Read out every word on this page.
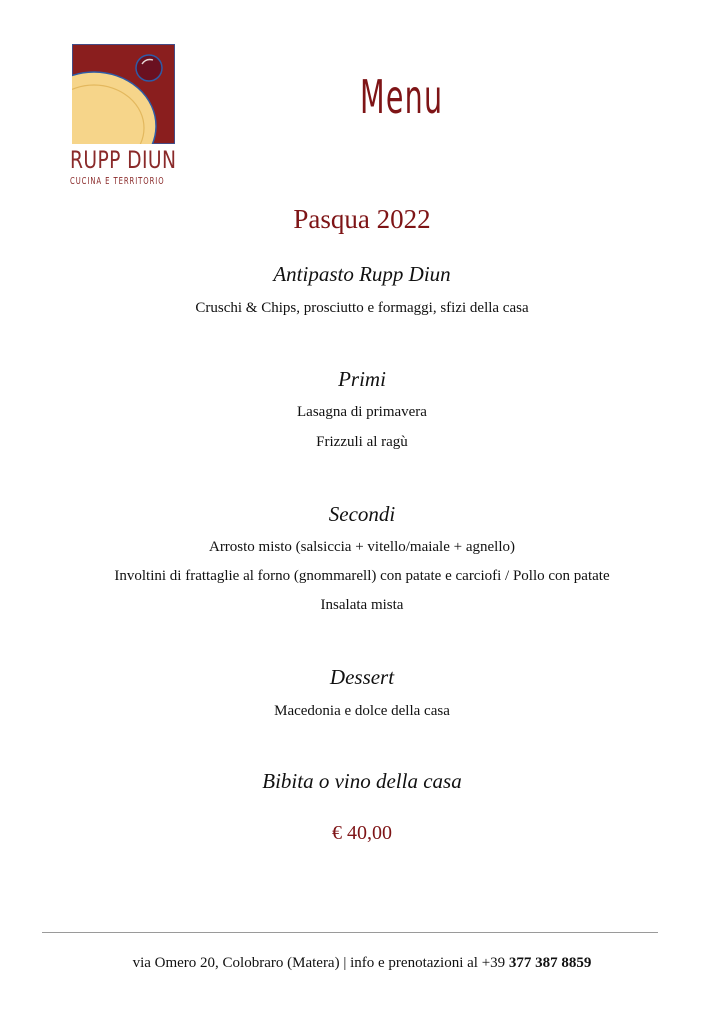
RUPP DIUN
CUCINA E TERRITORIO
Menu
Pasqua 2022
Antipasto Rupp Diun
Cruschi & Chips, prosciutto e formaggi, sfizi della casa
Primi
Lasagna di primavera
Frizzuli al ragù
Secondi
Arrosto misto (salsiccia + vitello/maiale + agnello)
Involtini di frattaglie al forno (gnommarell) con patate e carciofi / Pollo con patate
Insalata mista
Dessert
Macedonia e dolce della casa
Bibita o vino della casa
€ 40,00
via Omero 20, Colobraro (Matera) | info e prenotazioni al +39 377 387 8859
